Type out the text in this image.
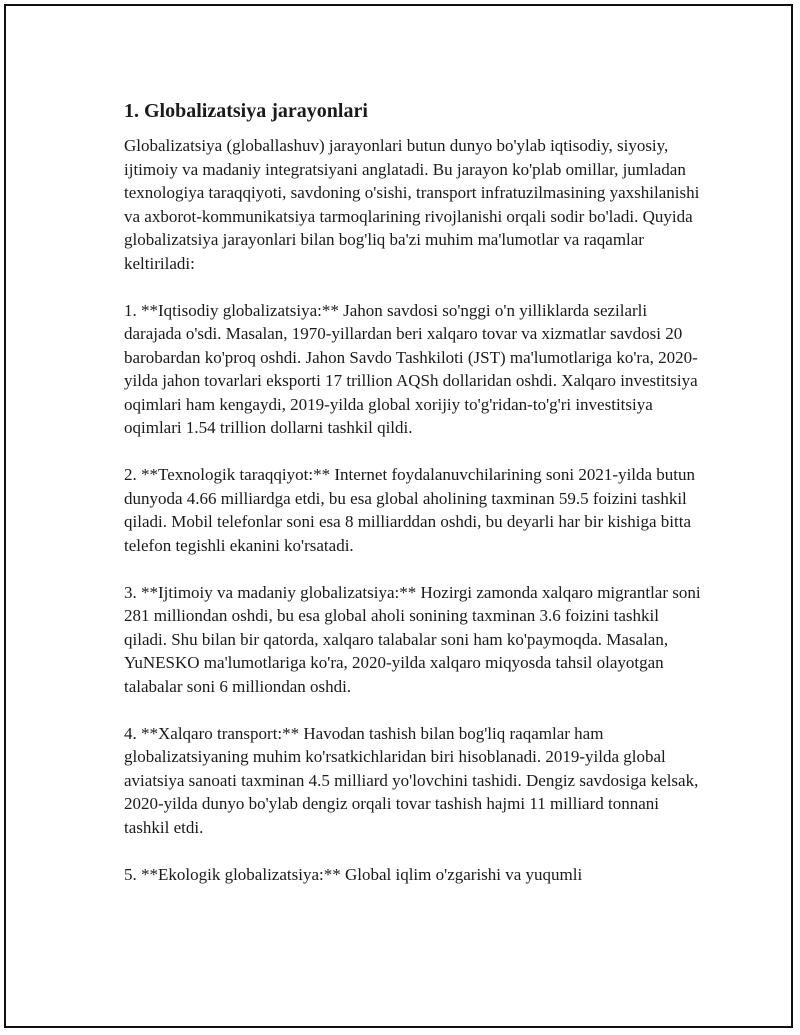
1. Globalizatsiya jarayonlari

Globalizatsiya (globallashuv) jarayonlari butun dunyo bo'ylab iqtisodiy, siyosiy, ijtimoiy va madaniy integratsiyani anglatadi. Bu jarayon ko'plab omillar, jumladan texnologiya taraqqiyoti, savdoning o'sishi, transport infratuzilmasining yaxshilanishi va axborot-kommunikatsiya tarmoqlarining rivojlanishi orqali sodir bo'ladi. Quyida globalizatsiya jarayonlari bilan bog'liq ba'zi muhim ma'lumotlar va raqamlar keltiriladi:

1. **Iqtisodiy globalizatsiya:** Jahon savdosi so'nggi o'n yilliklarda sezilarli darajada o'sdi. Masalan, 1970-yillardan beri xalqaro tovar va xizmatlar savdosi 20 barobardan ko'proq oshdi. Jahon Savdo Tashkiloti (JST) ma'lumotlariga ko'ra, 2020-yilda jahon tovarlari eksporti 17 trillion AQSh dollaridan oshdi. Xalqaro investitsiya oqimlari ham kengaydi, 2019-yilda global xorijiy to'g'ridan-to'g'ri investitsiya oqimlari 1.54 trillion dollarni tashkil qildi.

2. **Texnologik taraqqiyot:** Internet foydalanuvchilarining soni 2021-yilda butun dunyoda 4.66 milliardga etdi, bu esa global aholining taxminan 59.5 foizini tashkil qiladi. Mobil telefonlar soni esa 8 milliarddan oshdi, bu deyarli har bir kishiga bitta telefon tegishli ekanini ko'rsatadi.

3. **Ijtimoiy va madaniy globalizatsiya:** Hozirgi zamonda xalqaro migrantlar soni 281 milliondan oshdi, bu esa global aholi sonining taxminan 3.6 foizini tashkil qiladi. Shu bilan bir qatorda, xalqaro talabalar soni ham ko'paymoqda. Masalan, YuNESKO ma'lumotlariga ko'ra, 2020-yilda xalqaro miqyosda tahsil olayotgan talabalar soni 6 milliondan oshdi.

4. **Xalqaro transport:** Havodan tashish bilan bog'liq raqamlar ham globalizatsiyaning muhim ko'rsatkichlaridan biri hisoblanadi. 2019-yilda global aviatsiya sanoati taxminan 4.5 milliard yo'lovchini tashidi. Dengiz savdosiga kelsak, 2020-yilda dunyo bo'ylab dengiz orqali tovar tashish hajmi 11 milliard tonnani tashkil etdi.

5. **Ekologik globalizatsiya:** Global iqlim o'zgarishi va yuqumli
